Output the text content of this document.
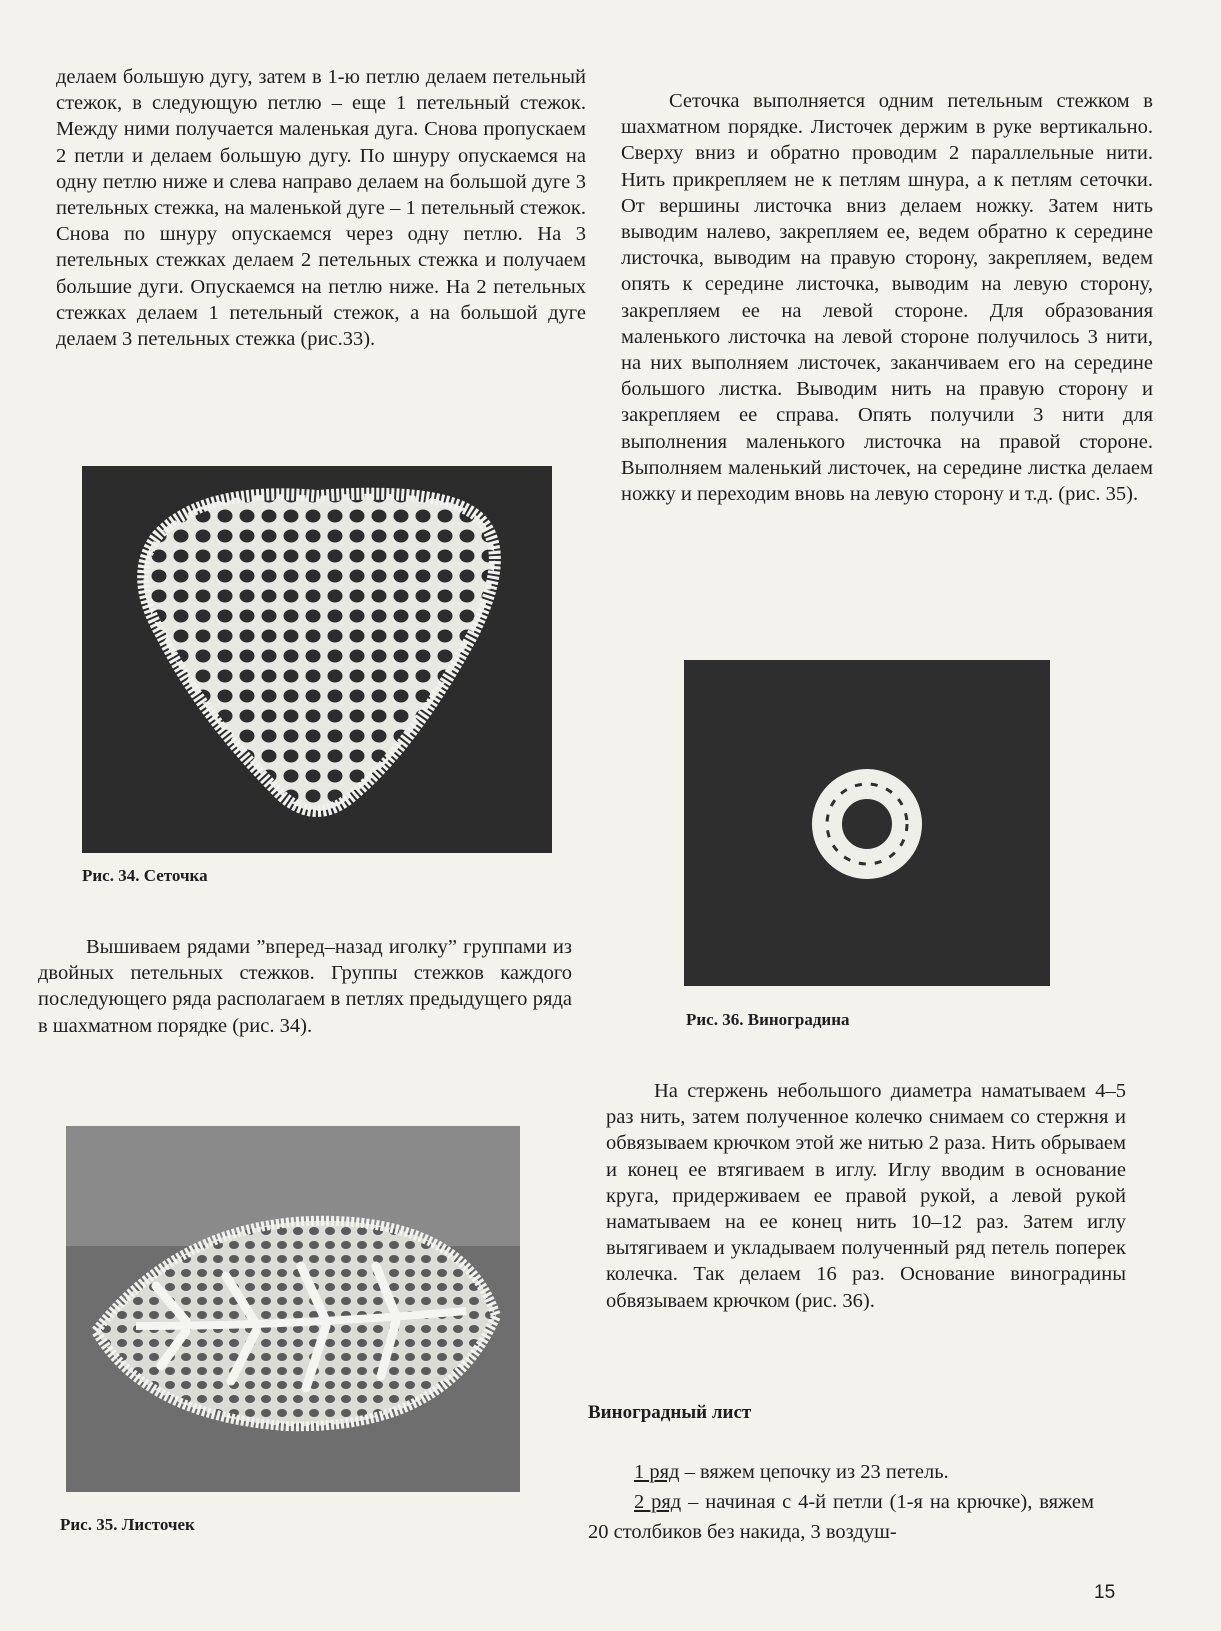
делаем большую дугу, затем в 1-ю петлю делаем петельный стежок, в следующую петлю – еще 1 петельный стежок. Между ними получается маленькая дуга. Снова пропускаем 2 петли и делаем большую дугу. По шнуру опускаемся на одну петлю ниже и слева направо делаем на большой дуге 3 петельных стежка, на маленькой дуге – 1 петельный стежок. Снова по шнуру опускаемся через одну петлю. На 3 петельных стежках делаем 2 петельных стежка и получаем большие дуги. Опускаемся на петлю ниже. На 2 петельных стежках делаем 1 петельный стежок, а на большой дуге делаем 3 петельных стежка (рис.33).

Рис. 34. Сеточка

Вышиваем рядами ”вперед–назад иголку” группами из двойных петельных стежков. Группы стежков каждого последующего ряда располагаем в петлях предыдущего ряда в шахматном порядке (рис. 34).

Рис. 35. Листочек

Сеточка выполняется одним петельным стежком в шахматном порядке. Листочек держим в руке вертикально. Сверху вниз и обратно проводим 2 параллельные нити. Нить прикрепляем не к петлям шнура, а к петлям сеточки. От вершины листочка вниз делаем ножку. Затем нить выводим налево, закрепляем ее, ведем обратно к середине листочка, выводим на правую сторону, закрепляем, ведем опять к середине листочка, выводим на левую сторону, закрепляем ее на левой стороне. Для образования маленького листочка на левой стороне получилось 3 нити, на них выполняем листочек, заканчиваем его на середине большого листка. Выводим нить на правую сторону и закрепляем ее справа. Опять получили 3 нити для выполнения маленького листочка на правой стороне. Выполняем маленький листочек, на середине листка делаем ножку и переходим вновь на левую сторону и т.д. (рис. 35).

Рис. 36. Виноградина

На стержень небольшого диаметра наматываем 4–5 раз нить, затем полученное колечко снимаем со стержня и обвязываем крючком этой же нитью 2 раза. Нить обрываем и конец ее втягиваем в иглу. Иглу вводим в основание круга, придерживаем ее правой рукой, а левой рукой наматываем на ее конец нить 10–12 раз. Затем иглу вытягиваем и укладываем полученный ряд петель поперек колечка. Так делаем 16 раз. Основание виноградины обвязываем крючком (рис. 36).

Виноградный лист

1 ряд – вяжем цепочку из 23 петель.

2 ряд – начиная с 4-й петли (1-я на крючке), вяжем 20 столбиков без накида, 3 воздуш-

15
